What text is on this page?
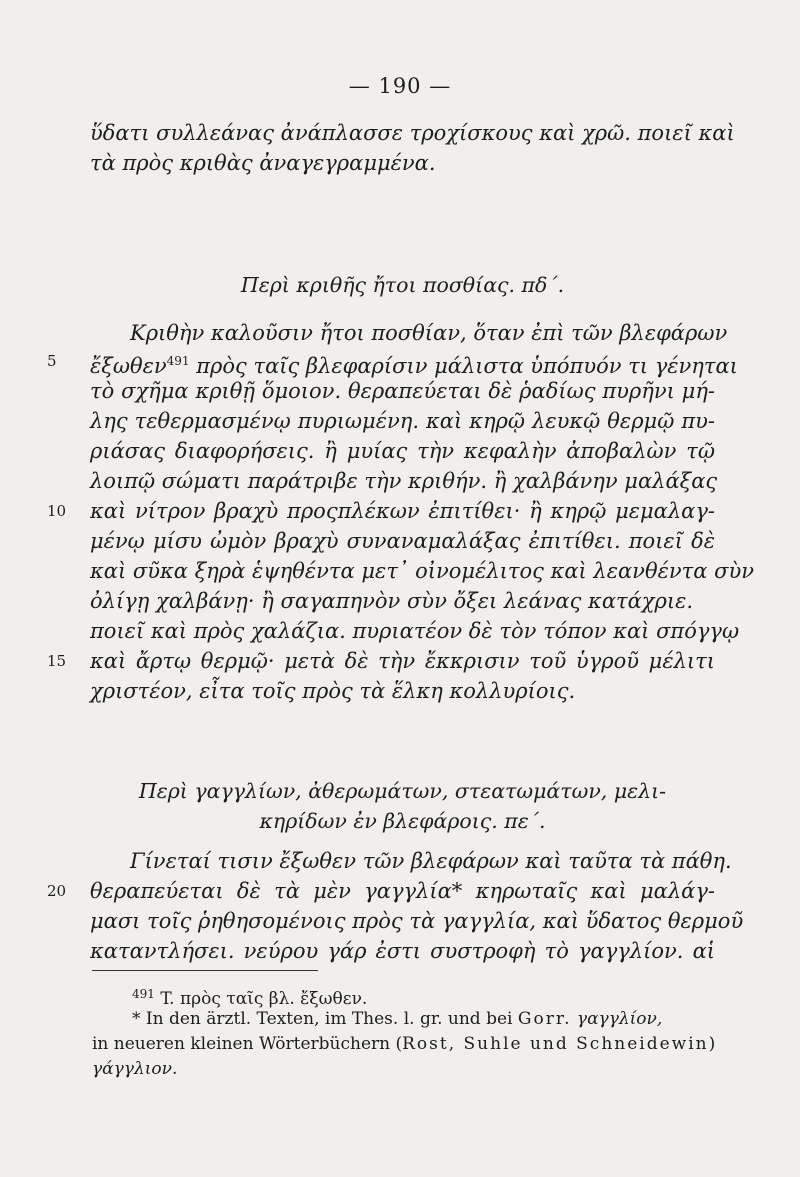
— 190 —
ὕδατι συλλεάνας ἀνάπλασσε τροχίσκους καὶ χρῶ. ποιεῖ καὶ
τὰ πρὸς κριθὰς ἀναγεγραμμένα.
Περὶ κριθῆς ἤτοι ποσθίας. πδ΄.
Κριθὴν καλοῦσιν ἤτοι ποσθίαν, ὅταν ἐπὶ τῶν βλεφάρων
5 ἔξωθεν$^{491}$ πρὸς ταῖς βλεφαρίσιν μάλιστα ὑπόπυόν τι γένηται
τὸ σχῆμα κριθῇ ὅμοιον. θεραπεύεται δὲ ῥαδίως πυρῆνι μή-
λης τεθερμασμένῳ πυριωμένη. καὶ κηρῷ λευκῷ θερμῷ πυ-
ριάσας διαφορήσεις. ἢ μυίας τὴν κεφαλὴν ἀποβαλὼν τῷ
λοιπῷ σώματι παράτριβε τὴν κριθήν. ἢ χαλβάνην μαλάξας
10 καὶ νίτρον βραχὺ προςπλέκων ἐπιτίθει· ἢ κηρῷ μεμαλαγ-
μένῳ μίσυ ὠμὸν βραχὺ συναναμαλάξας ἐπιτίθει. ποιεῖ δὲ
καὶ σῦκα ξηρὰ ἑψηθέντα μετ᾽ οἰνομέλιτος καὶ λεανθέντα σὺν
ὀλίγῃ χαλβάνῃ· ἢ σαγαπηνὸν σὺν ὄξει λεάνας κατάχριε.
ποιεῖ καὶ πρὸς χαλάζια. πυριατέον δὲ τὸν τόπον καὶ σπόγγῳ
15 καὶ ἄρτῳ θερμῷ· μετὰ δὲ τὴν ἔκκρισιν τοῦ ὑγροῦ μέλιτι
χριστέον, εἶτα τοῖς πρὸς τὰ ἕλκη κολλυρίοις.
Περὶ γαγγλίων, ἀθερωμάτων, στεατωμάτων, μελι-
κηρίδων ἐν βλεφάροις. πε΄.
Γίνεταί τισιν ἔξωθεν τῶν βλεφάρων καὶ ταῦτα τὰ πάθη.
20 θεραπεύεται δὲ τὰ μὲν γαγγλία* κηρωταῖς καὶ μαλάγ-
μασι τοῖς ῥηθησομένοις πρὸς τὰ γαγγλία, καὶ ὕδατος θερμοῦ
καταντλήσει. νεύρου γάρ ἐστι συστροφὴ τὸ γαγγλίον. αἱ
$^{491}$ T. πρὸς ταῖς βλ. ἔξωθεν.
* In den ärztl. Texten, im Thes. l. gr. und bei Gorr. γαγγλίον,
in neueren kleinen Wörterbüchern (Rost, Suhle und Schneidewin)
γάγγλιον.
